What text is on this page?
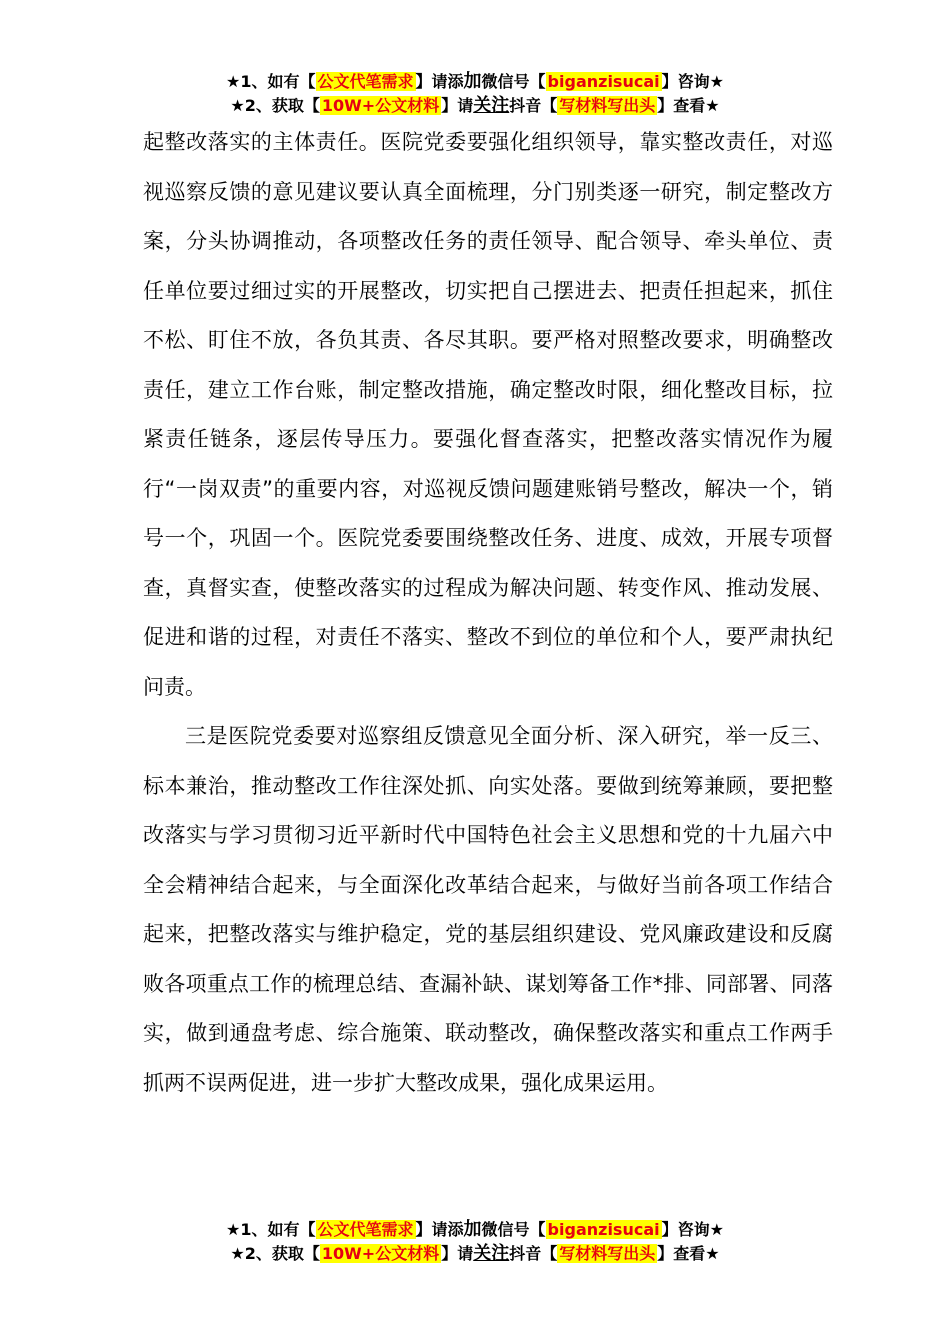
★1、如有【 公文代笔需求 】请添加微信号【 biganzisucai 】咨询★
★2、获取【 10W+公文材料 】请关注抖音【 写材料写出头 】查看★

起整改落实的主体责任。医院党委要强化组织领导，靠实整改责任，对巡视巡察反馈的意见建议要认真全面梳理，分门别类逐一研究，制定整改方案，分头协调推动，各项整改任务的责任领导、配合领导、牵头单位、责任单位要过细过实的开展整改，切实把自己摆进去、把责任担起来，抓住不松、盯住不放，各负其责、各尽其职。要严格对照整改要求，明确整改责任，建立工作台账，制定整改措施，确定整改时限，细化整改目标，拉紧责任链条，逐层传导压力。要强化督查落实，把整改落实情况作为履行“一岗双责”的重要内容，对巡视反馈问题建账销号整改，解决一个，销号一个，巩固一个。医院党委要围绕整改任务、进度、成效，开展专项督查，真督实查，使整改落实的过程成为解决问题、转变作风、推动发展、促进和谐的过程，对责任不落实、整改不到位的单位和个人，要严肃执纪问责。

三是医院党委要对巡察组反馈意见全面分析、深入研究，举一反三、标本兼治，推动整改工作往深处抓、向实处落。要做到统筹兼顾，要把整改落实与学习贯彻习近平新时代中国特色社会主义思想和党的十九届六中全会精神结合起来，与全面深化改革结合起来，与做好当前各项工作结合起来，把整改落实与维护稳定，党的基层组织建设、党风廉政建设和反腐败各项重点工作的梳理总结、查漏补缺、谋划筹备工作*排、同部署、同落实，做到通盘考虑、综合施策、联动整改，确保整改落实和重点工作两手抓两不误两促进，进一步扩大整改成果，强化成果运用。

★1、如有【 公文代笔需求 】请添加微信号【 biganzisucai 】咨询★
★2、获取【 10W+公文材料 】请关注抖音【 写材料写出头 】查看★
